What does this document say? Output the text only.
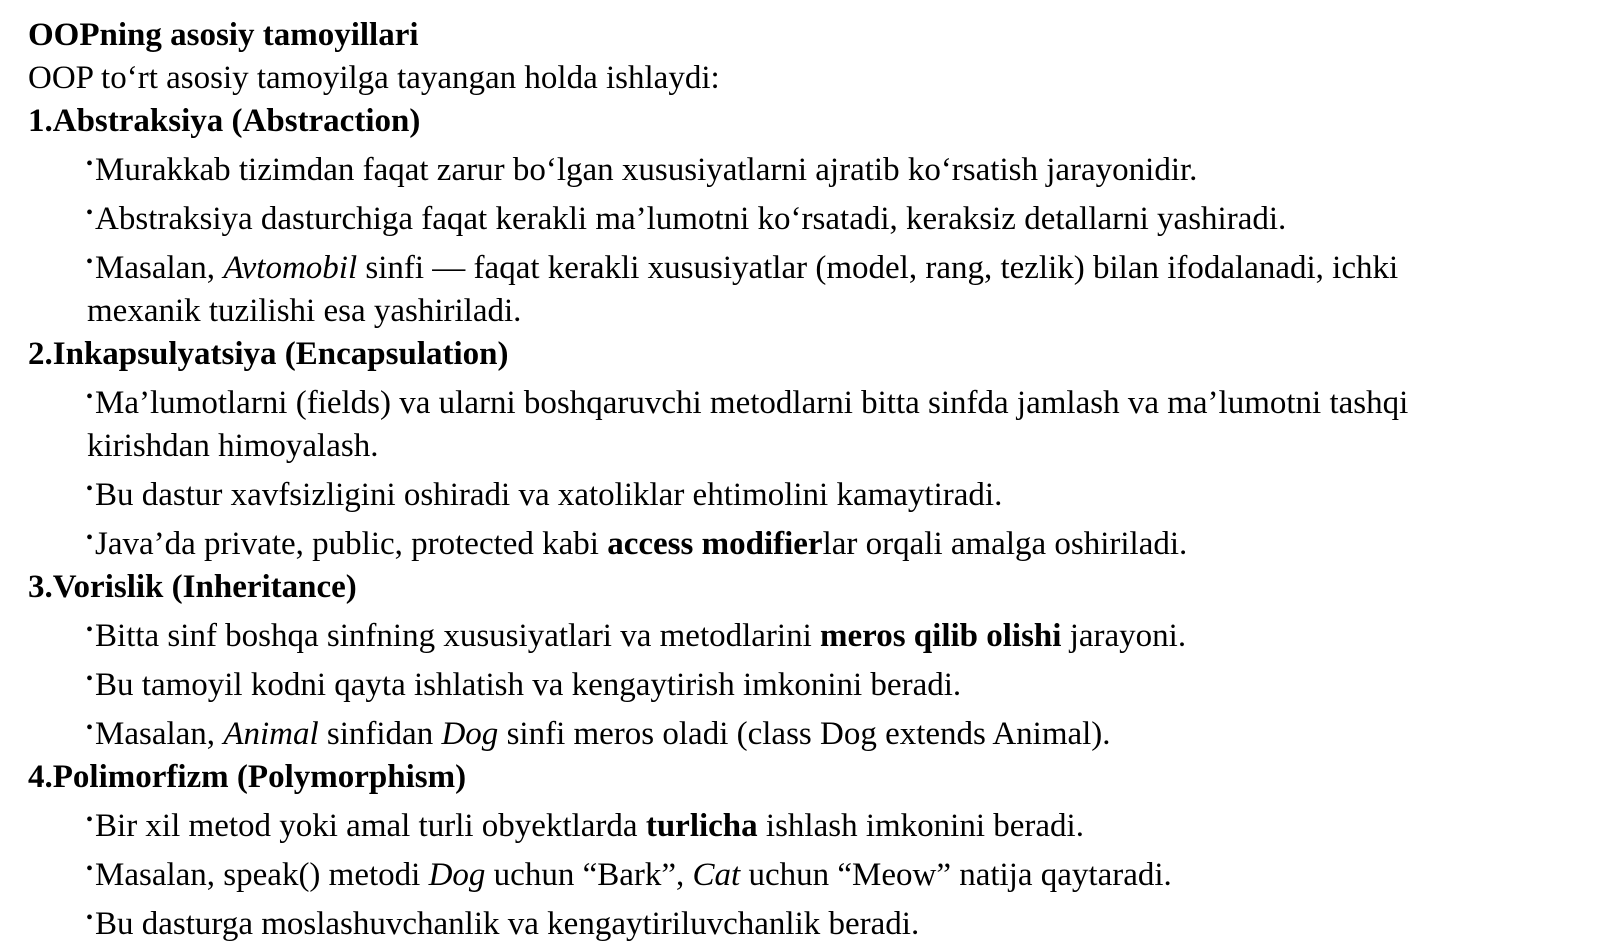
OOPning asosiy tamoyillari
OOP to‘rt asosiy tamoyilga tayangan holda ishlaydi:
1.Abstraksiya (Abstraction)
•Murakkab tizimdan faqat zarur bo‘lgan xususiyatlarni ajratib ko‘rsatish jarayonidir.
•Abstraksiya dasturchiga faqat kerakli ma’lumotni ko‘rsatadi, keraksiz detallarni yashiradi.
•Masalan, Avtomobil sinfi — faqat kerakli xususiyatlar (model, rang, tezlik) bilan ifodalanadi, ichki
mexanik tuzilishi esa yashiriladi.
2.Inkapsulyatsiya (Encapsulation)
•Ma’lumotlarni (fields) va ularni boshqaruvchi metodlarni bitta sinfda jamlash va ma’lumotni tashqi
kirishdan himoyalash.
•Bu dastur xavfsizligini oshiradi va xatoliklar ehtimolini kamaytiradi.
•Java’da private, public, protected kabi access modifierlar orqali amalga oshiriladi.
3.Vorislik (Inheritance)
•Bitta sinf boshqa sinfning xususiyatlari va metodlarini meros qilib olishi jarayoni.
•Bu tamoyil kodni qayta ishlatish va kengaytirish imkonini beradi.
•Masalan, Animal sinfidan Dog sinfi meros oladi (class Dog extends Animal).
4.Polimorfizm (Polymorphism)
•Bir xil metod yoki amal turli obyektlarda turlicha ishlash imkonini beradi.
•Masalan, speak() metodi Dog uchun “Bark”, Cat uchun “Meow” natija qaytaradi.
•Bu dasturga moslashuvchanlik va kengaytiriluvchanlik beradi.
